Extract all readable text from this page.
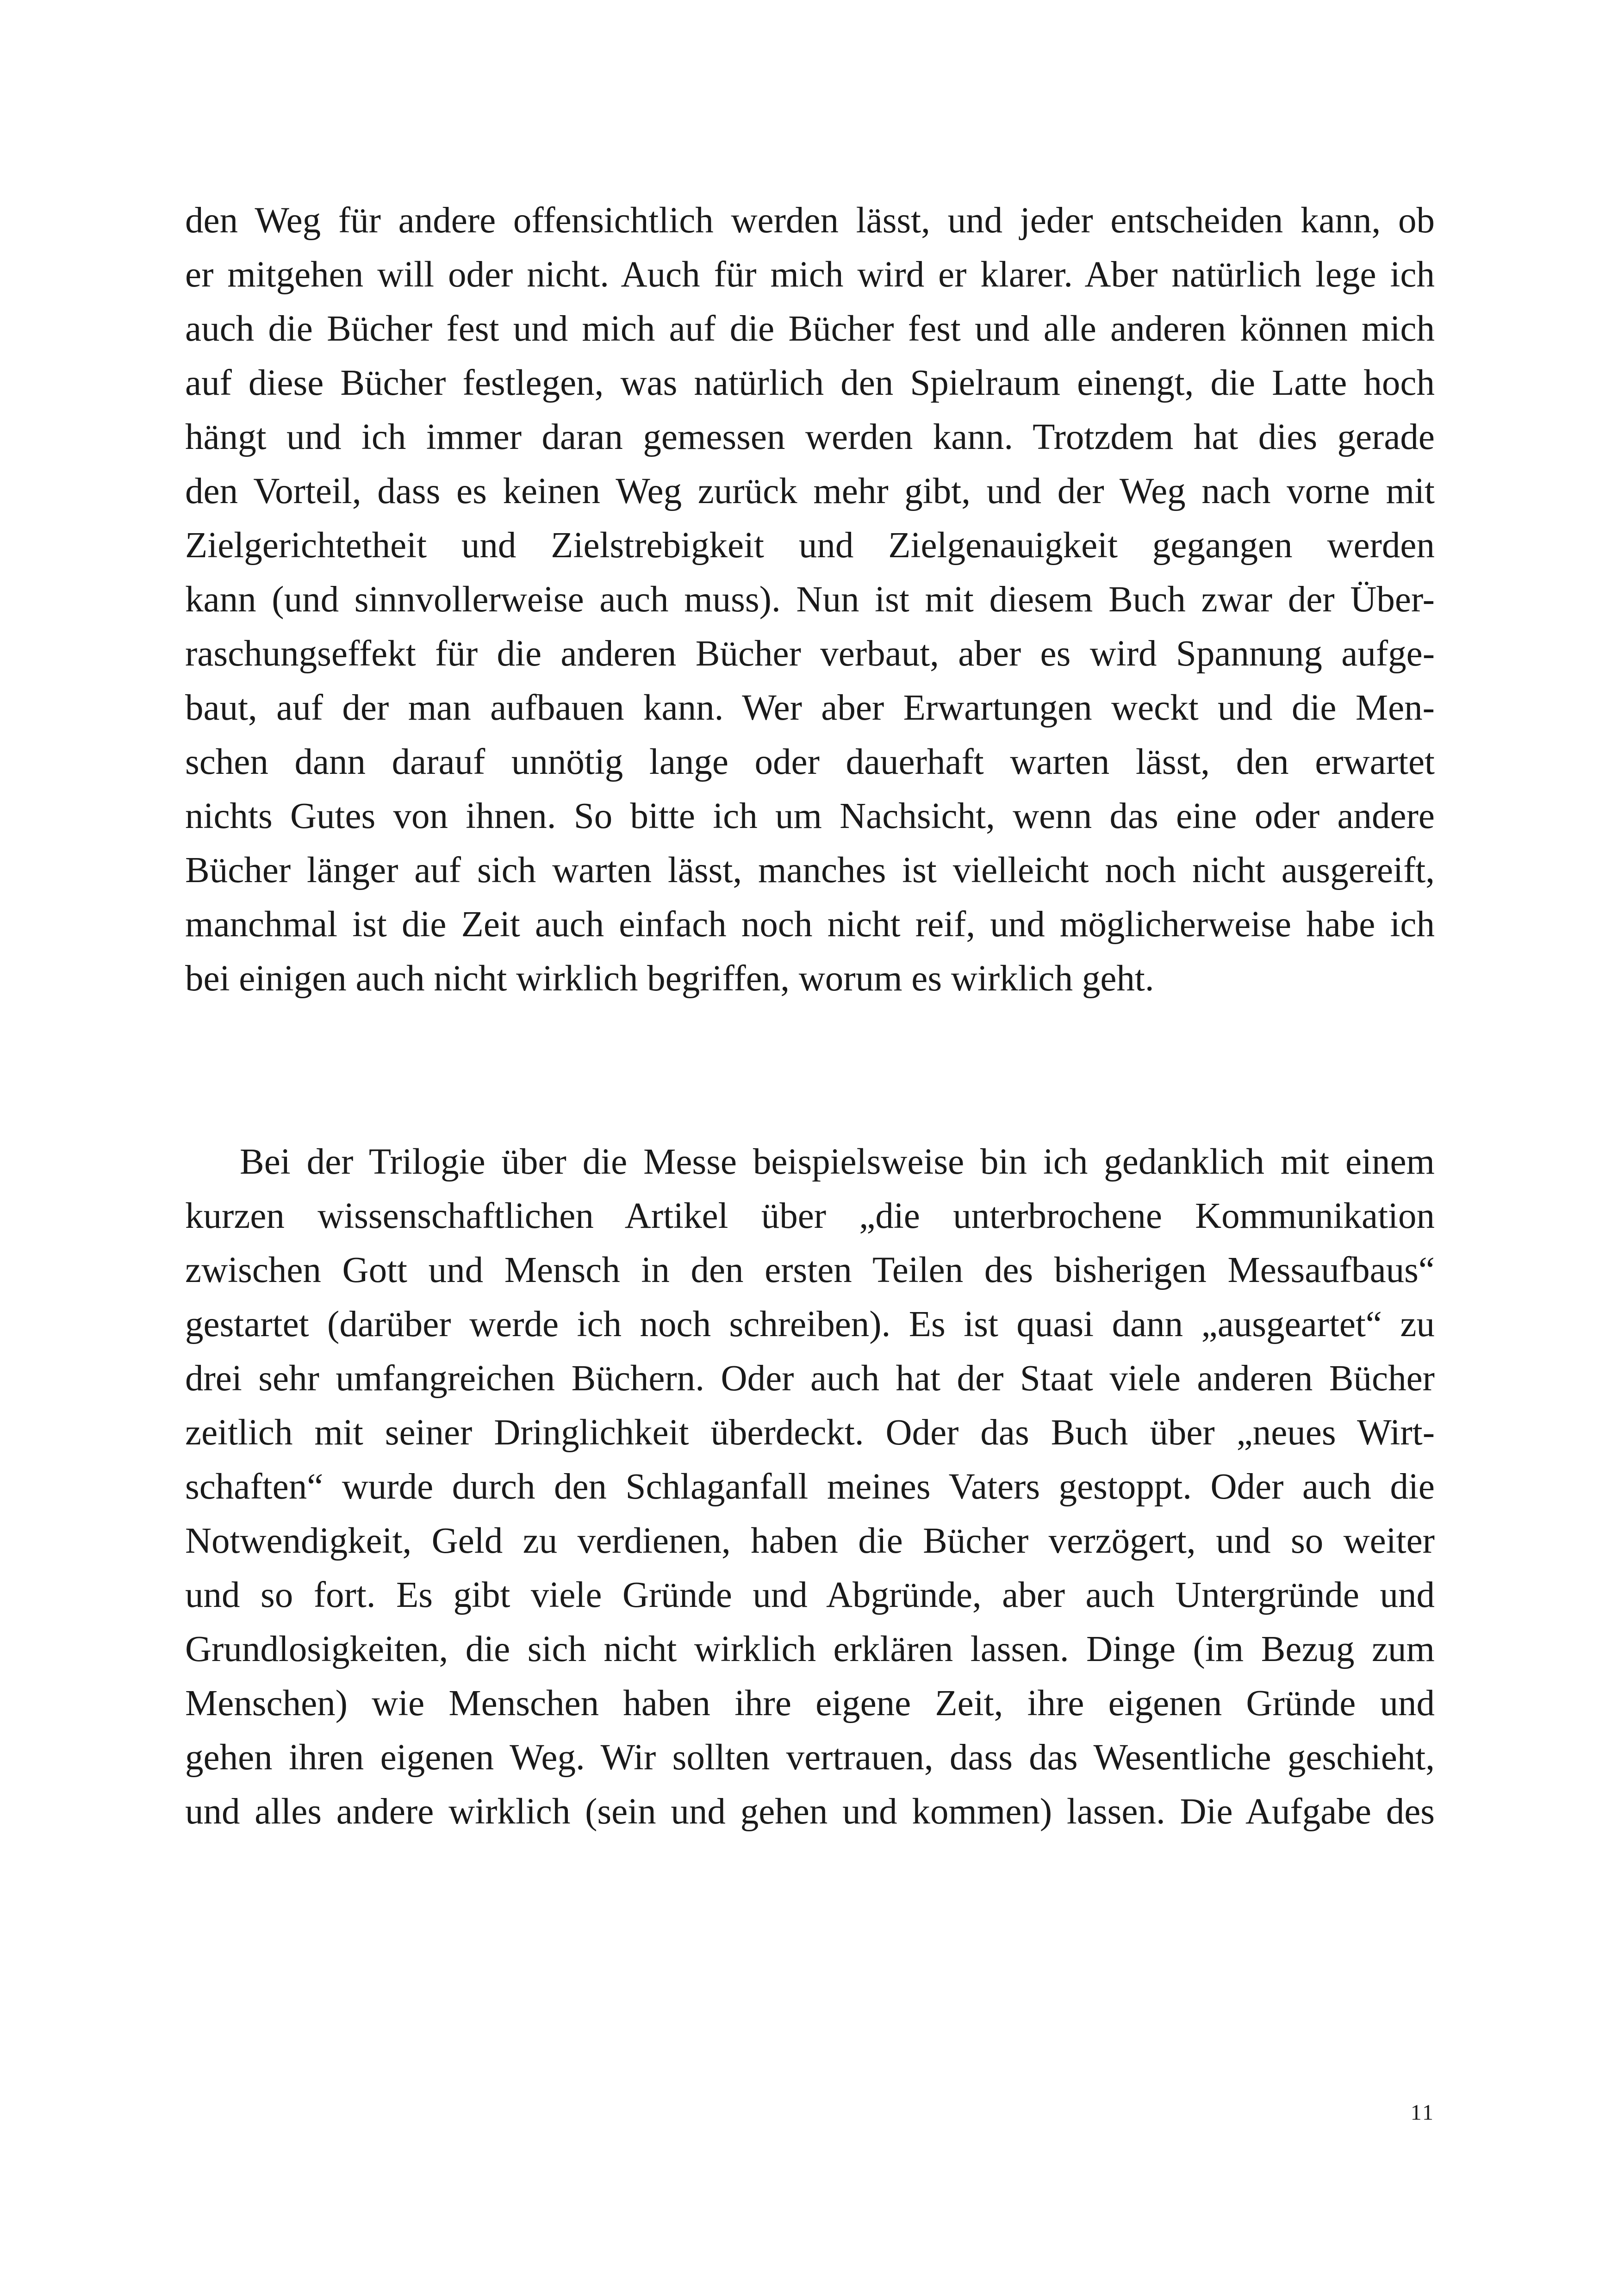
den Weg für andere offensichtlich werden lässt, und jeder entscheiden kann, ob
er mitgehen will oder nicht. Auch für mich wird er klarer. Aber natürlich lege ich
auch die Bücher fest und mich auf die Bücher fest und alle anderen können mich
auf diese Bücher festlegen, was natürlich den Spielraum einengt, die Latte hoch
hängt und ich immer daran gemessen werden kann. Trotzdem hat dies gerade
den Vorteil, dass es keinen Weg zurück mehr gibt, und der Weg nach vorne mit
Zielgerichtetheit und Zielstrebigkeit und Zielgenauigkeit gegangen werden
kann (und sinnvollerweise auch muss). Nun ist mit diesem Buch zwar der Über-
raschungseffekt für die anderen Bücher verbaut, aber es wird Spannung aufge-
baut, auf der man aufbauen kann. Wer aber Erwartungen weckt und die Men-
schen dann darauf unnötig lange oder dauerhaft warten lässt, den erwartet
nichts Gutes von ihnen. So bitte ich um Nachsicht, wenn das eine oder andere
Bücher länger auf sich warten lässt, manches ist vielleicht noch nicht ausgereift,
manchmal ist die Zeit auch einfach noch nicht reif, und möglicherweise habe ich
bei einigen auch nicht wirklich begriffen, worum es wirklich geht.
Bei der Trilogie über die Messe beispielsweise bin ich gedanklich mit einem
kurzen wissenschaftlichen Artikel über „die unterbrochene Kommunikation
zwischen Gott und Mensch in den ersten Teilen des bisherigen Messaufbaus“
gestartet (darüber werde ich noch schreiben). Es ist quasi dann „ausgeartet“ zu
drei sehr umfangreichen Büchern. Oder auch hat der Staat viele anderen Bücher
zeitlich mit seiner Dringlichkeit überdeckt. Oder das Buch über „neues Wirt-
schaften“ wurde durch den Schlaganfall meines Vaters gestoppt. Oder auch die
Notwendigkeit, Geld zu verdienen, haben die Bücher verzögert, und so weiter
und so fort. Es gibt viele Gründe und Abgründe, aber auch Untergründe und
Grundlosigkeiten, die sich nicht wirklich erklären lassen. Dinge (im Bezug zum
Menschen) wie Menschen haben ihre eigene Zeit, ihre eigenen Gründe und
gehen ihren eigenen Weg. Wir sollten vertrauen, dass das Wesentliche geschieht,
und alles andere wirklich (sein und gehen und kommen) lassen. Die Aufgabe des
11
